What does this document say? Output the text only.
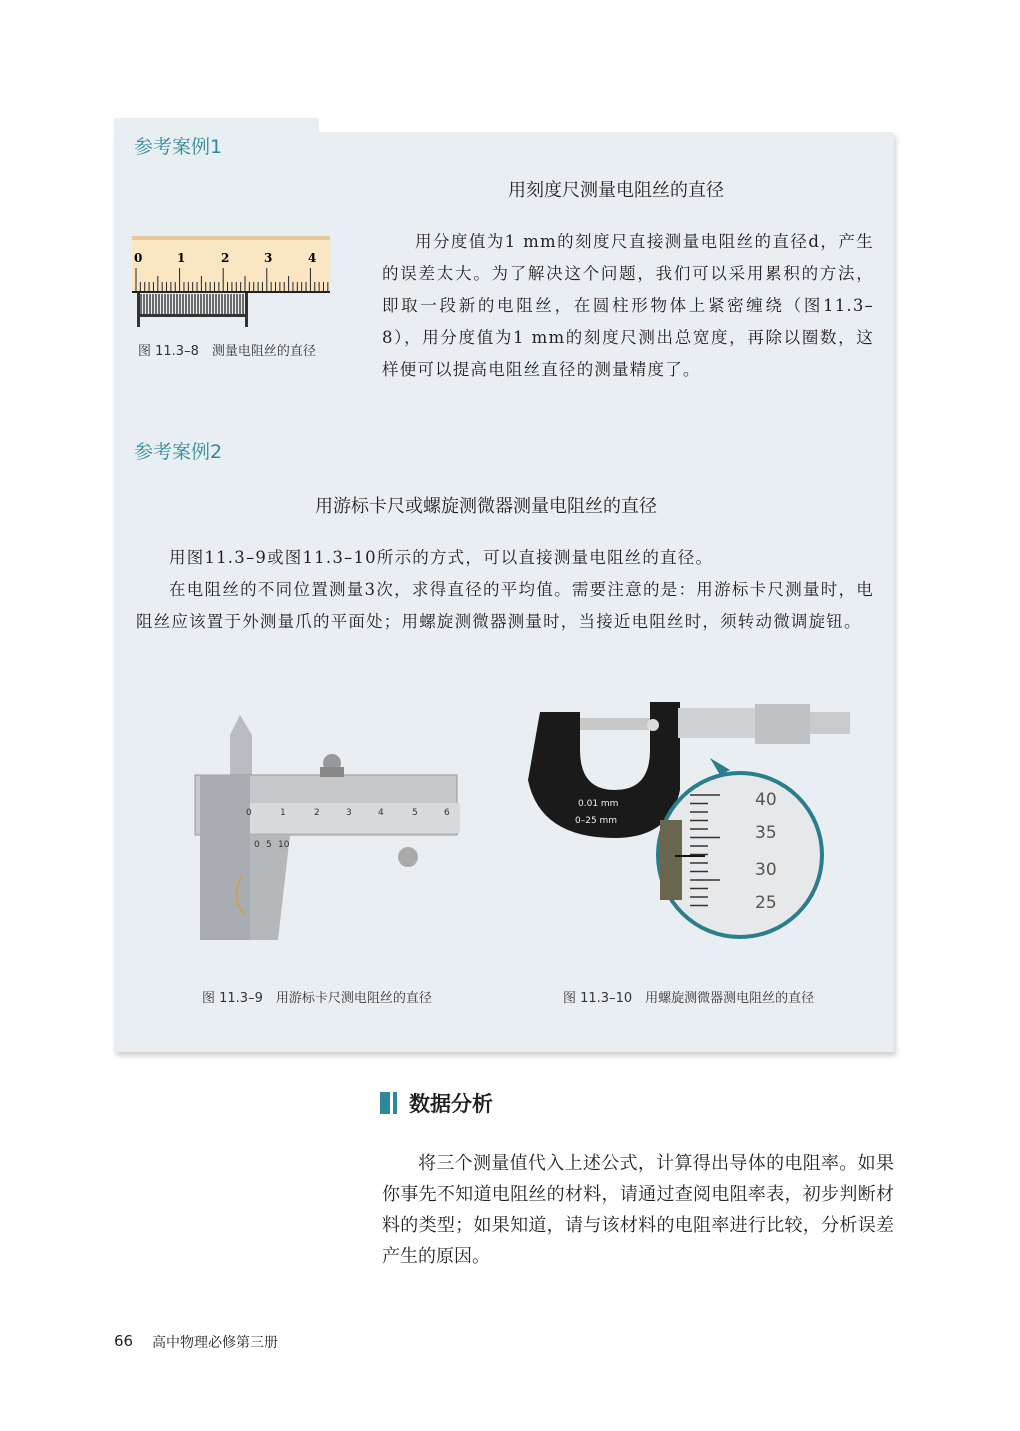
参考案例1
用刻度尺测量电阻丝的直径
0	1	2	3	4
图 11.3–8　测量电阻丝的直径
用分度值为1 mm的刻度尺直接测量电阻丝的直径d，产生的误差太大。为了解决这个问题，我们可以采用累积的方法，即取一段新的电阻丝，在圆柱形物体上紧密缠绕（图11.3–8），用分度值为1 mm的刻度尺测出总宽度，再除以圈数，这样便可以提高电阻丝直径的测量精度了。
参考案例2
用游标卡尺或螺旋测微器测量电阻丝的直径
用图11.3–9或图11.3–10所示的方式，可以直接测量电阻丝的直径。
在电阻丝的不同位置测量3次，求得直径的平均值。需要注意的是：用游标卡尺测量时，电阻丝应该置于外测量爪的平面处；用螺旋测微器测量时，当接近电阻丝时，须转动微调旋钮。
0	1	2	3	4	5	6
0 5 10
图 11.3–9　用游标卡尺测电阻丝的直径
0.01 mm
0–25 mm
40
35
30
25
图 11.3–10　用螺旋测微器测电阻丝的直径
数据分析
将三个测量值代入上述公式，计算得出导体的电阻率。如果你事先不知道电阻丝的材料，请通过查阅电阻率表，初步判断材料的类型；如果知道，请与该材料的电阻率进行比较，分析误差产生的原因。
66 高中物理必修第三册
